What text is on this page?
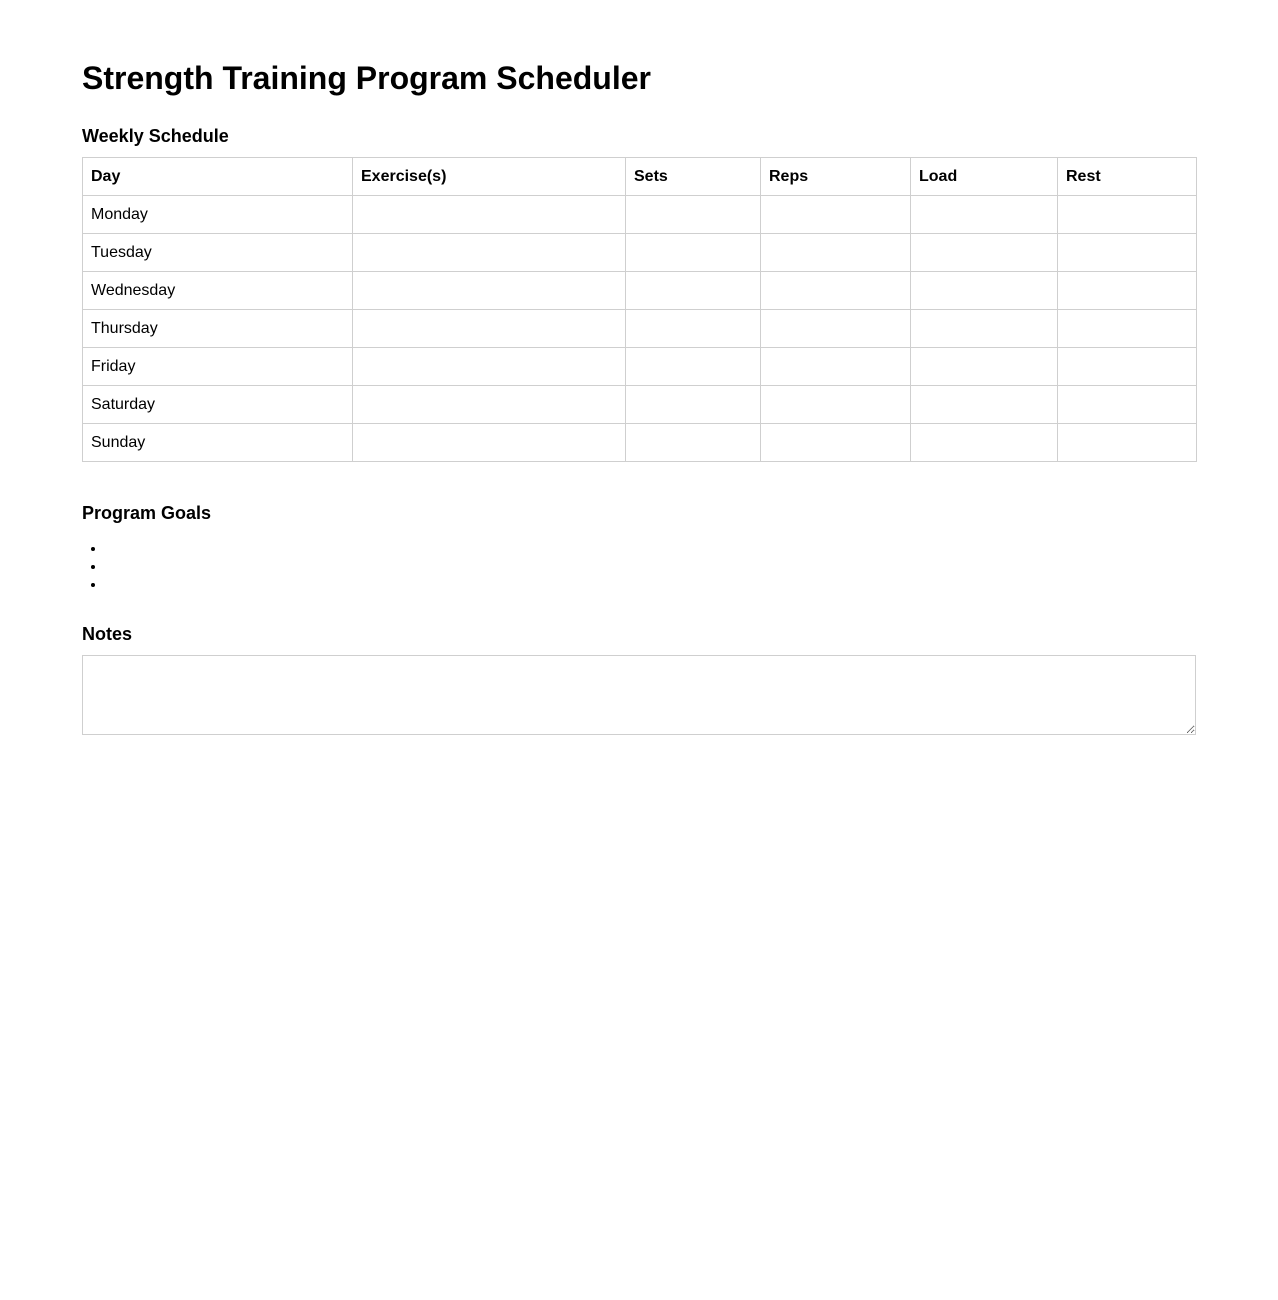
Strength Training Program Scheduler
Weekly Schedule
Day	Exercise(s)	Sets	Reps	Load	Rest
Monday					
Tuesday					
Wednesday					
Thursday					
Friday					
Saturday					
Sunday					
Program Goals
•
•
•
Notes
